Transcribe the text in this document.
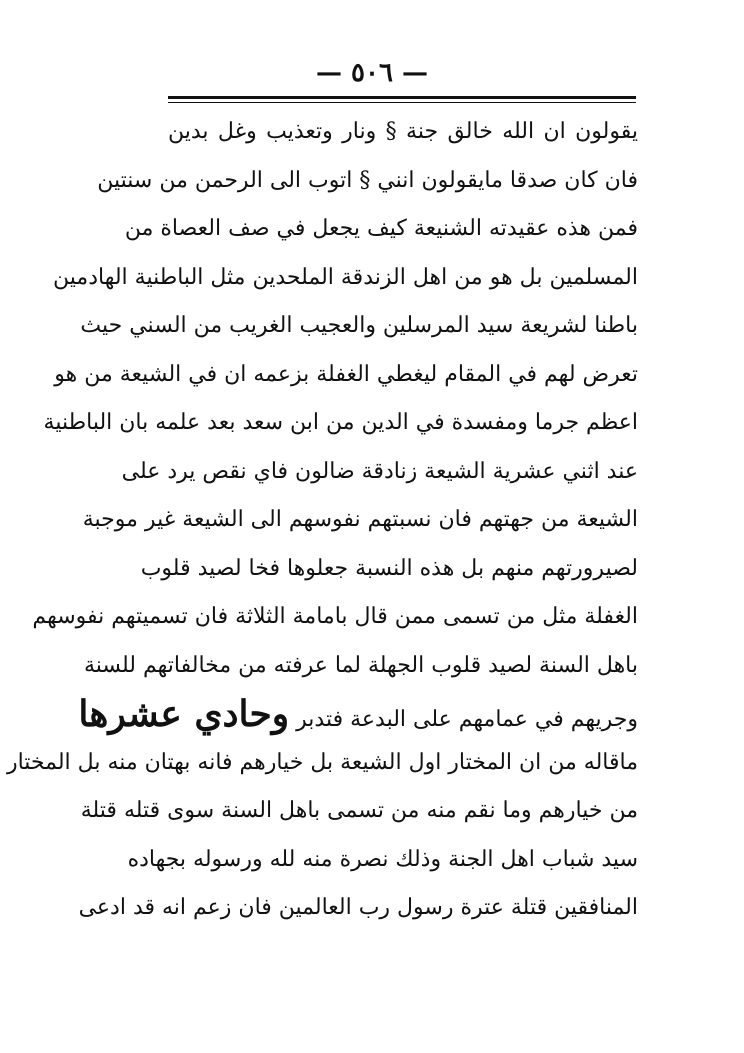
— ٥٠٦ —
يقولون ان الله خالق جنة § ونار وتعذيب وغل بدين
فان كان صدقا مايقولون انني § اتوب الى الرحمن من سنتين
فمن هذه عقيدته الشنيعة كيف يجعل في صف العصاة من
المسلمين بل هو من اهل الزندقة الملحدين مثل الباطنية الهادمين
باطنا لشريعة سيد المرسلين والعجيب الغريب من السني حيث
تعرض لهم في المقام ليغطي الغفلة بزعمه ان في الشيعة من هو
اعظم جرما ومفسدة في الدين من ابن سعد بعد علمه بان الباطنية
عند اثني عشرية الشيعة زنادقة ضالون فاي نقص يرد على
الشيعة من جهتهم فان نسبتهم نفوسهم الى الشيعة غير موجبة
لصيرورتهم منهم بل هذه النسبة جعلوها فخا لصيد قلوب
الغفلة مثل من تسمى ممن قال بامامة الثلاثة فان تسميتهم نفوسهم
باهل السنة لصيد قلوب الجهلة لما عرفته من مخالفاتهم للسنة
وجريهم في عمامهم على البدعة فتدبر وحادي عشرها
ماقاله من ان المختار اول الشيعة بل خيارهم فانه بهتان منه بل المختار
من خيارهم وما نقم منه من تسمى باهل السنة سوى قتله قتلة
سيد شباب اهل الجنة وذلك نصرة منه لله ورسوله بجهاده
المنافقين قتلة عترة رسول رب العالمين فان زعم انه قد ادعى
